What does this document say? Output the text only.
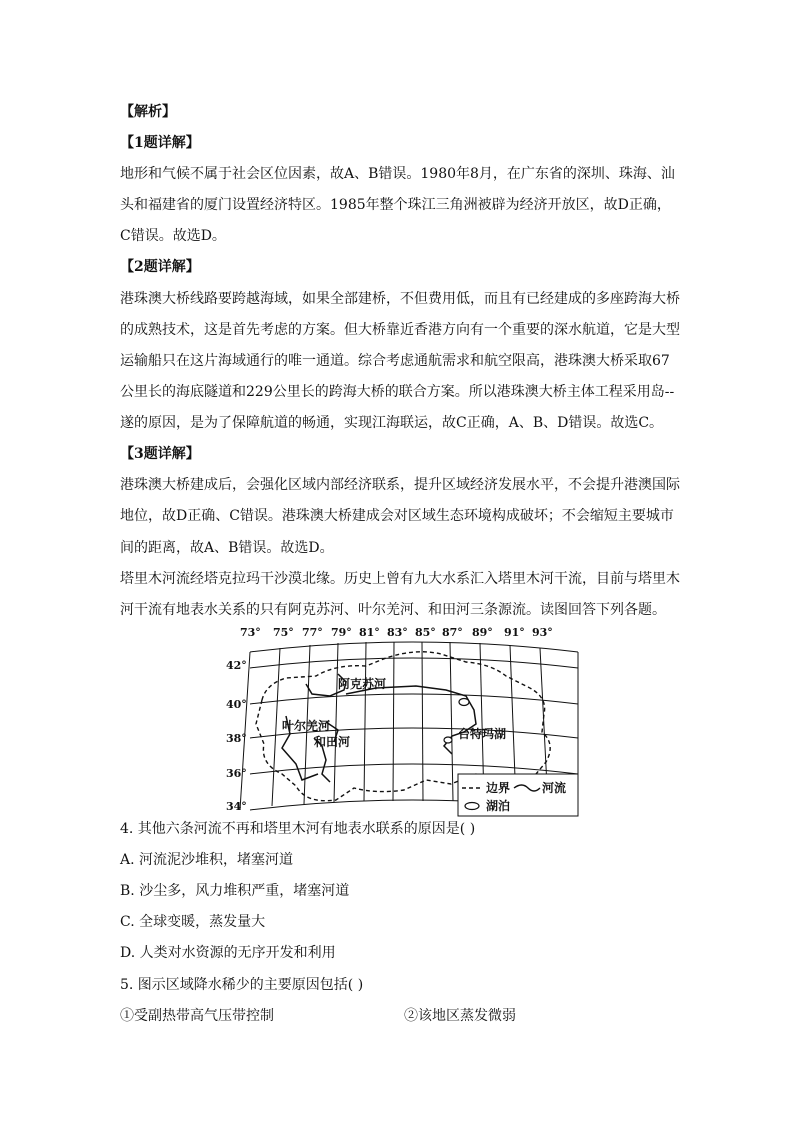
【解析】
【1题详解】
地形和气候不属于社会区位因素，故A、B错误。1980年8月，在广东省的深圳、珠海、汕
头和福建省的厦门设置经济特区。1985年整个珠江三角洲被辟为经济开放区，故D正确，
C错误。故选D。
【2题详解】
港珠澳大桥线路要跨越海域，如果全部建桥，不但费用低，而且有已经建成的多座跨海大桥
的成熟技术，这是首先考虑的方案。但大桥靠近香港方向有一个重要的深水航道，它是大型
运输船只在这片海域通行的唯一通道。综合考虑通航需求和航空限高，港珠澳大桥采取67
公里长的海底隧道和229公里长的跨海大桥的联合方案。所以港珠澳大桥主体工程采用岛--
遂的原因，是为了保障航道的畅通，实现江海联运，故C正确，A、B、D错误。故选C。
【3题详解】
港珠澳大桥建成后，会强化区域内部经济联系，提升区域经济发展水平，不会提升港澳国际
地位，故D正确、C错误。港珠澳大桥建成会对区域生态环境构成破坏；不会缩短主要城市
间的距离，故A、B错误。故选D。
塔里木河流经塔克拉玛干沙漠北缘。历史上曾有九大水系汇入塔里木河干流，目前与塔里木
河干流有地表水关系的只有阿克苏河、叶尔羌河、和田河三条源流。读图回答下列各题。
73° 75° 77° 79° 81° 83° 85° 87° 89° 91° 93°
42°
40°
38°
36°
34°
阿克苏河
叶尔羌河
和田河
台特玛湖
边界	河流
湖泊
4. 其他六条河流不再和塔里木河有地表水联系的原因是( )
A. 河流泥沙堆积，堵塞河道
B. 沙尘多，风力堆积严重，堵塞河道
C. 全球变暖，蒸发量大
D. 人类对水资源的无序开发和利用
5. 图示区域降水稀少的主要原因包括( )
①受副热带高气压带控制	②该地区蒸发微弱
